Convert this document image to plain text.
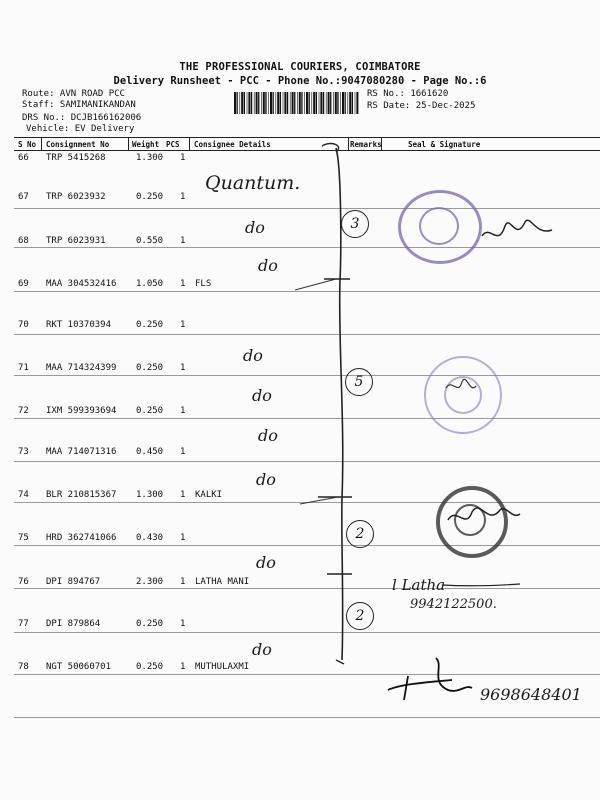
THE PROFESSIONAL COURIERS, COIMBATORE
Delivery Runsheet - PCC - Phone No.:9047080280 - Page No.:6
Route: AVN ROAD PCC
Staff: SAMIMANIKANDAN
DRS No.: DCJB166162006
Vehicle: EV Delivery
RS No.: 1661620
RS Date: 25-Dec-2025
S No Consignment No	Weight PCS Consignee Details	Remarks	Seal & Signature
66 TRP 5415268	1.300 1
67 TRP 6023932	0.250 1
68 TRP 6023931	0.550 1
69 MAA 304532416 1.050 1 FLS
70 RKT 10370394	0.250 1
71 MAA 714324399 0.250 1
72 IXM 599393694 0.250 1
73 MAA 714071316 0.450 1
74 BLR 210815367 1.300 1 KALKI
75 HRD 362741066 0.430 1
76 DPI 894767	2.300 1 LATHA MANI
77 DPI 879864	0.250 1
78 NGT 50060701	0.250 1 MUTHULAXMI
Quantum.
do
do
do
do
do
do
do
do
3
5
2
2
l Latha
9942122500.
9698648401
